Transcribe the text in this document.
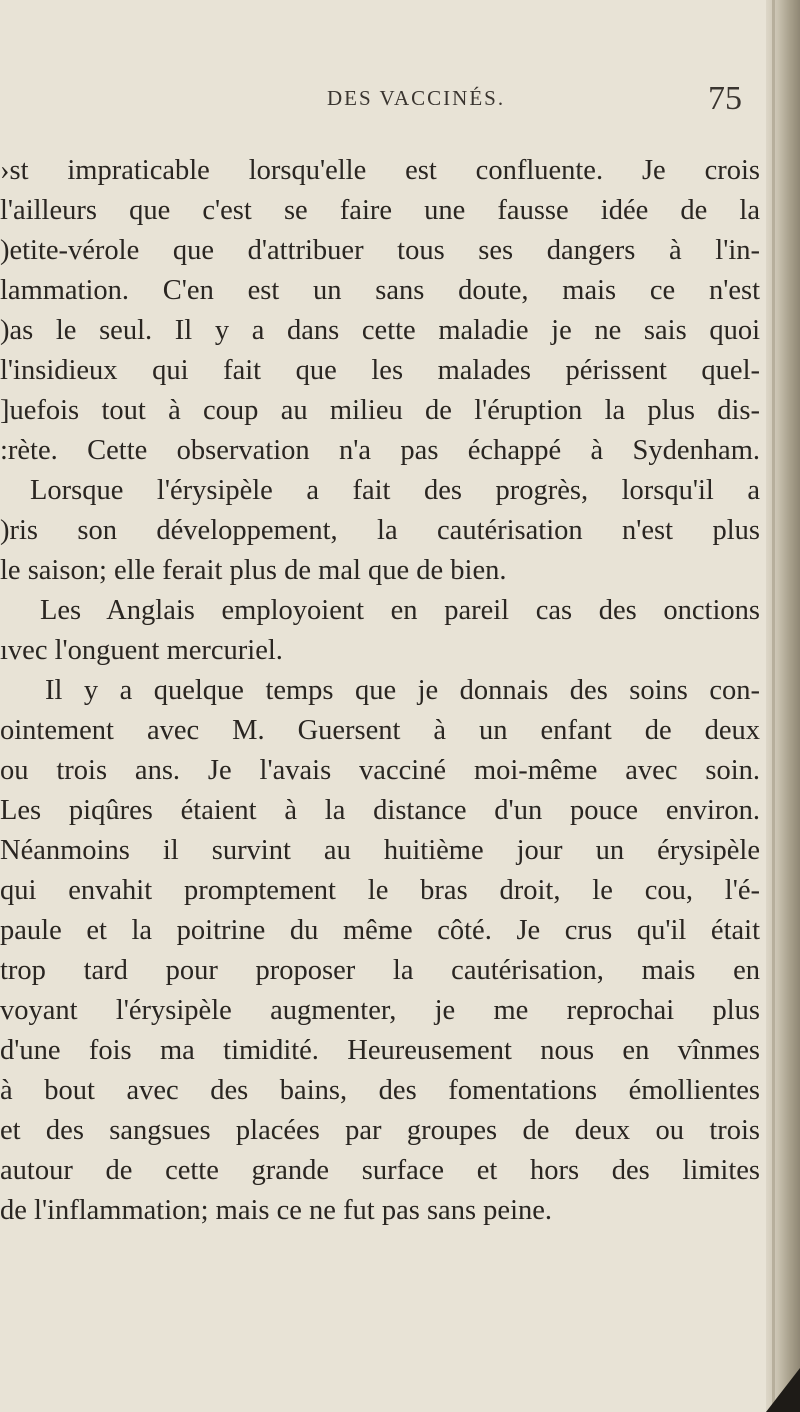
DES VACCINÉS.	75
›st impraticable lorsqu'elle est confluente. Je crois
l'ailleurs que c'est se faire une fausse idée de la
)etite-vérole que d'attribuer tous ses dangers à l'in-
lammation. C'en est un sans doute, mais ce n'est
)as le seul. Il y a dans cette maladie je ne sais quoi
l'insidieux qui fait que les malades périssent quel-
]uefois tout à coup au milieu de l'éruption la plus dis-
:rète. Cette observation n'a pas échappé à Sydenham.
Lorsque l'érysipèle a fait des progrès, lorsqu'il a
)ris son développement, la cautérisation n'est plus
le saison; elle ferait plus de mal que de bien.
Les Anglais employoient en pareil cas des onctions
ıvec l'onguent mercuriel.
Il y a quelque temps que je donnais des soins con-
ointement avec M. Guersent à un enfant de deux
ou trois ans. Je l'avais vacciné moi-même avec soin.
Les piqûres étaient à la distance d'un pouce environ.
Néanmoins il survint au huitième jour un érysipèle
qui envahit promptement le bras droit, le cou, l'é-
paule et la poitrine du même côté. Je crus qu'il était
trop tard pour proposer la cautérisation, mais en
voyant l'érysipèle augmenter, je me reprochai plus
d'une fois ma timidité. Heureusement nous en vînmes
à bout avec des bains, des fomentations émollientes
et des sangsues placées par groupes de deux ou trois
autour de cette grande surface et hors des limites
de l'inflammation; mais ce ne fut pas sans peine.
